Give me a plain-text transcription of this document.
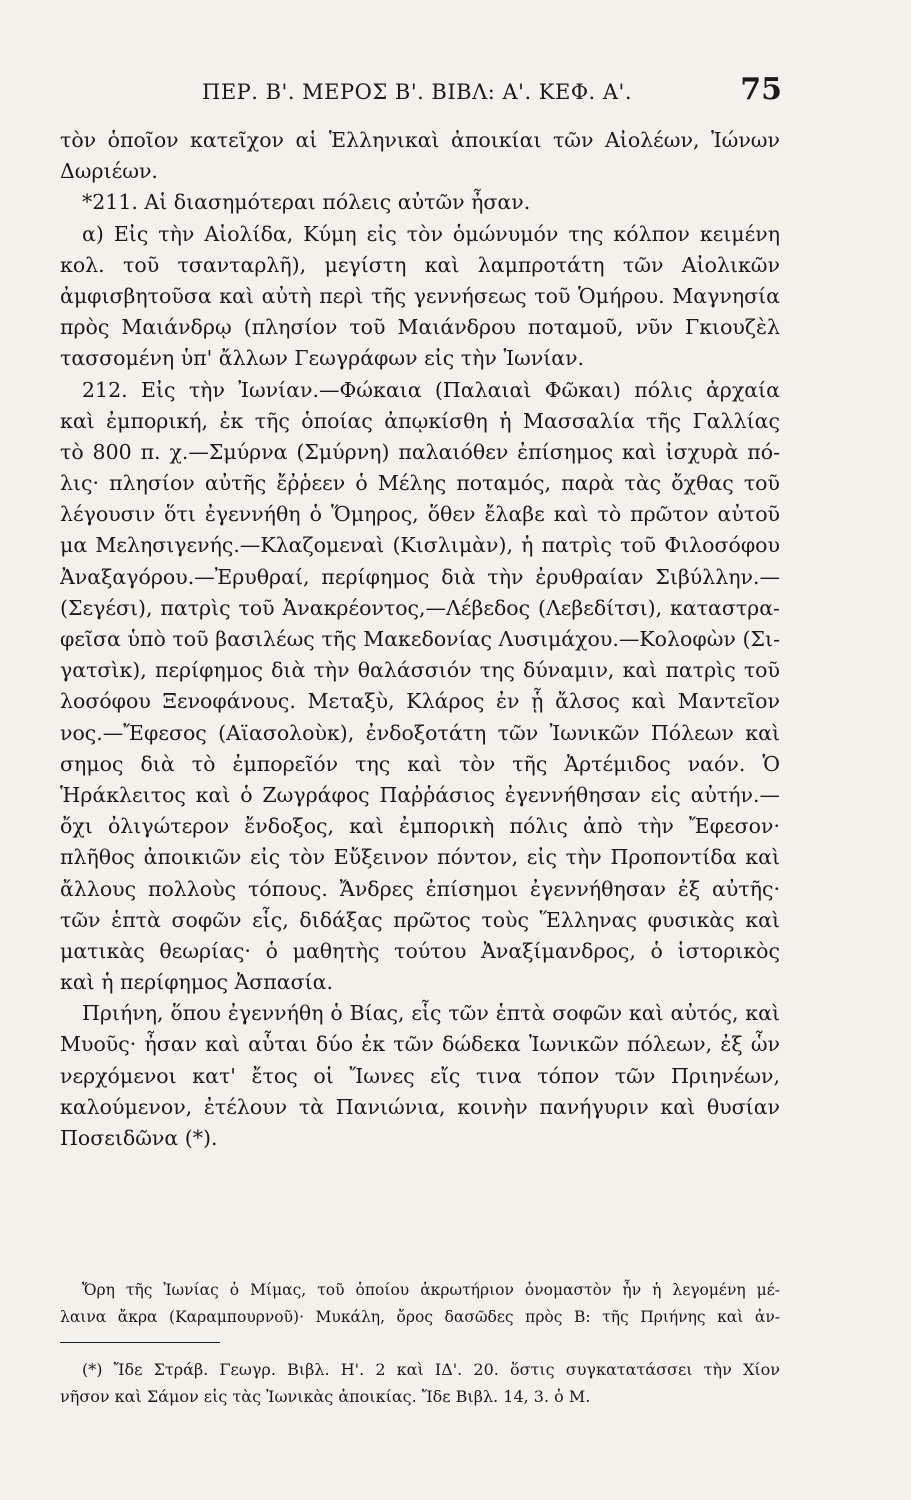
ΠΕΡ. Β'. ΜΕΡΟΣ Β'. ΒΙΒΛ: Α'. ΚΕΦ. Α'.	75
τὸν ὁποῖον κατεῖχον αἱ Ἑλληνικαὶ ἀποικίαι τῶν Αἰολέων, Ἰώνων
Δωριέων.
*211. Αἱ διασημότεραι πόλεις αὐτῶν ἦσαν.
α) Εἰς τὴν Αἰολίδα, Κύμη εἰς τὸν ὁμώνυμόν της κόλπον κειμένη
κολ. τοῦ τσανταρλῆ), μεγίστη καὶ λαμπροτάτη τῶν Αἰολικῶν
ἀμφισβητοῦσα καὶ αὐτὴ περὶ τῆς γεννήσεως τοῦ Ὁμήρου. Μαγνησία
πρὸς Μαιάνδρῳ (πλησίον τοῦ Μαιάνδρου ποταμοῦ, νῦν Γκιουζὲλ
τασσομένη ὑπ' ἄλλων Γεωγράφων εἰς τὴν Ἰωνίαν.
212. Εἰς τὴν Ἰωνίαν.—Φώκαια (Παλαιαὶ Φῶκαι) πόλις ἀρχαία
καὶ ἐμπορική, ἐκ τῆς ὁποίας ἀπῳκίσθη ἡ Μασσαλία τῆς Γαλλίας
τὸ 800 π. χ.—Σμύρνα (Σμύρνη) παλαιόθεν ἐπίσημος καὶ ἰσχυρὰ πό-
λις· πλησίον αὐτῆς ἔῤῥεεν ὁ Μέλης ποταμός, παρὰ τὰς ὄχθας τοῦ
λέγουσιν ὅτι ἐγεννήθη ὁ Ὅμηρος, ὅθεν ἔλαβε καὶ τὸ πρῶτον αὐτοῦ
μα Μελησιγενής.—Κλαζομεναὶ (Κισλιμὰν), ἡ πατρὶς τοῦ Φιλοσόφου
Ἀναξαγόρου.—Ἐρυθραί, περίφημος διὰ τὴν ἐρυθραίαν Σιβύλλην.—
(Σεγέσι), πατρὶς τοῦ Ἀνακρέοντος,—Λέβεδος (Λεβεδίτσι), καταστρα-
φεῖσα ὑπὸ τοῦ βασιλέως τῆς Μακεδονίας Λυσιμάχου.—Κολοφὼν (Σι-
γατσὶκ), περίφημος διὰ τὴν θαλάσσιόν της δύναμιν, καὶ πατρὶς τοῦ
λοσόφου Ξενοφάνους. Μεταξὺ, Κλάρος ἐν ᾗ ἄλσος καὶ Μαντεῖον
νος.—Ἔφεσος (Αϊασολοὺκ), ἐνδοξοτάτη τῶν Ἰωνικῶν Πόλεων καὶ
σημος διὰ τὸ ἐμπορεῖόν της καὶ τὸν τῆς Ἀρτέμιδος ναόν. Ὁ
Ἡράκλειτος καὶ ὁ Ζωγράφος Παῤῥάσιος ἐγεννήθησαν εἰς αὐτήν.—
ὄχι ὀλιγώτερον ἔνδοξος, καὶ ἐμπορικὴ πόλις ἀπὸ τὴν Ἔφεσον·
πλῆθος ἀποικιῶν εἰς τὸν Εὔξεινον πόντον, εἰς τὴν Προποντίδα καὶ
ἄλλους πολλοὺς τόπους. Ἄνδρες ἐπίσημοι ἐγεννήθησαν ἐξ αὐτῆς·
τῶν ἑπτὰ σοφῶν εἷς, διδάξας πρῶτος τοὺς Ἕλληνας φυσικὰς καὶ
ματικὰς θεωρίας· ὁ μαθητὴς τούτου Ἀναξίμανδρος, ὁ ἱστορικὸς
καὶ ἡ περίφημος Ἀσπασία.
Πριήνη, ὅπου ἐγεννήθη ὁ Βίας, εἷς τῶν ἑπτὰ σοφῶν καὶ αὐτός, καὶ
Μυοῦς· ἦσαν καὶ αὗται δύο ἐκ τῶν δώδεκα Ἰωνικῶν πόλεων, ἐξ ὧν
νερχόμενοι κατ' ἔτος οἱ Ἴωνες εἴς τινα τόπον τῶν Πριηνέων,
καλούμενον, ἐτέλουν τὰ Πανιώνια, κοινὴν πανήγυριν καὶ θυσίαν
Ποσειδῶνα (*).
Ὄρη τῆς Ἰωνίας ὁ Μίμας, τοῦ ὁποίου ἀκρωτήριον ὀνομαστὸν ἦν ἡ λεγομένη μέ-
λαινα ἄκρα (Καραμπουρνοῦ)· Μυκάλη, ὄρος δασῶδες πρὸς Β: τῆς Πριήνης καὶ ἀν-
(*) Ἴδε Στράβ. Γεωγρ. Βιβλ. Η'. 2 καὶ ΙΔ'. 20. ὅστις συγκατατάσσει τὴν Χίον
νῆσον καὶ Σάμον εἰς τὰς Ἰωνικὰς ἀποικίας. Ἴδε Βιβλ. 14, 3. ὁ Μ.
